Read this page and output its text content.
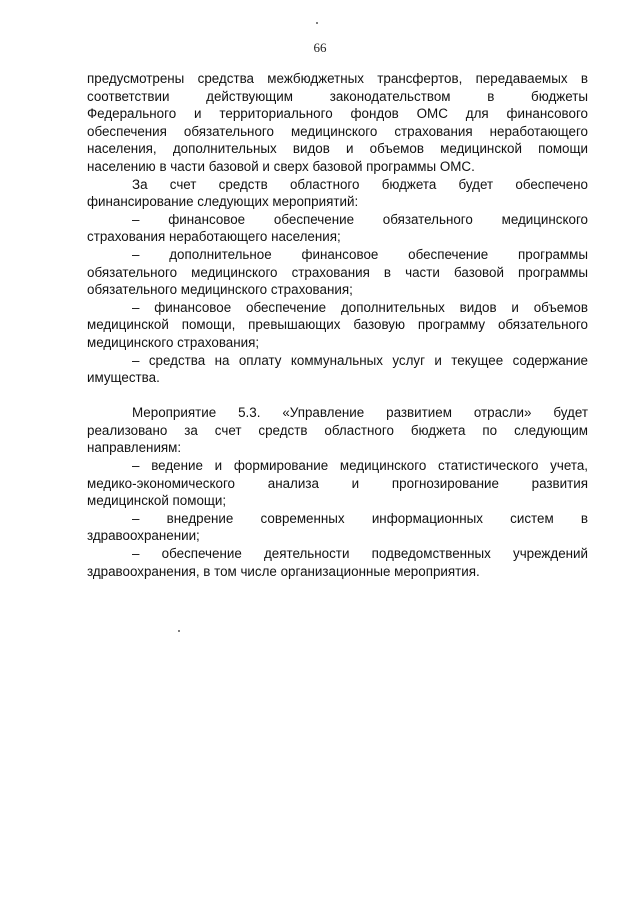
66
предусмотрены средства межбюджетных трансфертов, передаваемых в
соответствии действующим законодательством в бюджеты
Федерального и территориального фондов ОМС для финансового
обеспечения обязательного медицинского страхования неработающего
населения, дополнительных видов и объемов медицинской помощи
населению в части базовой и сверх базовой программы ОМС.
За счет средств областного бюджета будет обеспечено
финансирование следующих мероприятий:
– финансовое обеспечение обязательного медицинского
страхования неработающего населения;
– дополнительное финансовое обеспечение программы
обязательного медицинского страхования в части базовой программы
обязательного медицинского страхования;
– финансовое обеспечение дополнительных видов и объемов
медицинской помощи, превышающих базовую программу обязательного
медицинского страхования;
– средства на оплату коммунальных услуг и текущее содержание
имущества.
Мероприятие 5.3. «Управление развитием отрасли» будет
реализовано за счет средств областного бюджета по следующим
направлениям:
– ведение и формирование медицинского статистического учета,
медико-экономического анализа и прогнозирование развития
медицинской помощи;
– внедрение современных информационных систем в
здравоохранении;
– обеспечение деятельности подведомственных учреждений
здравоохранения, в том числе организационные мероприятия.
